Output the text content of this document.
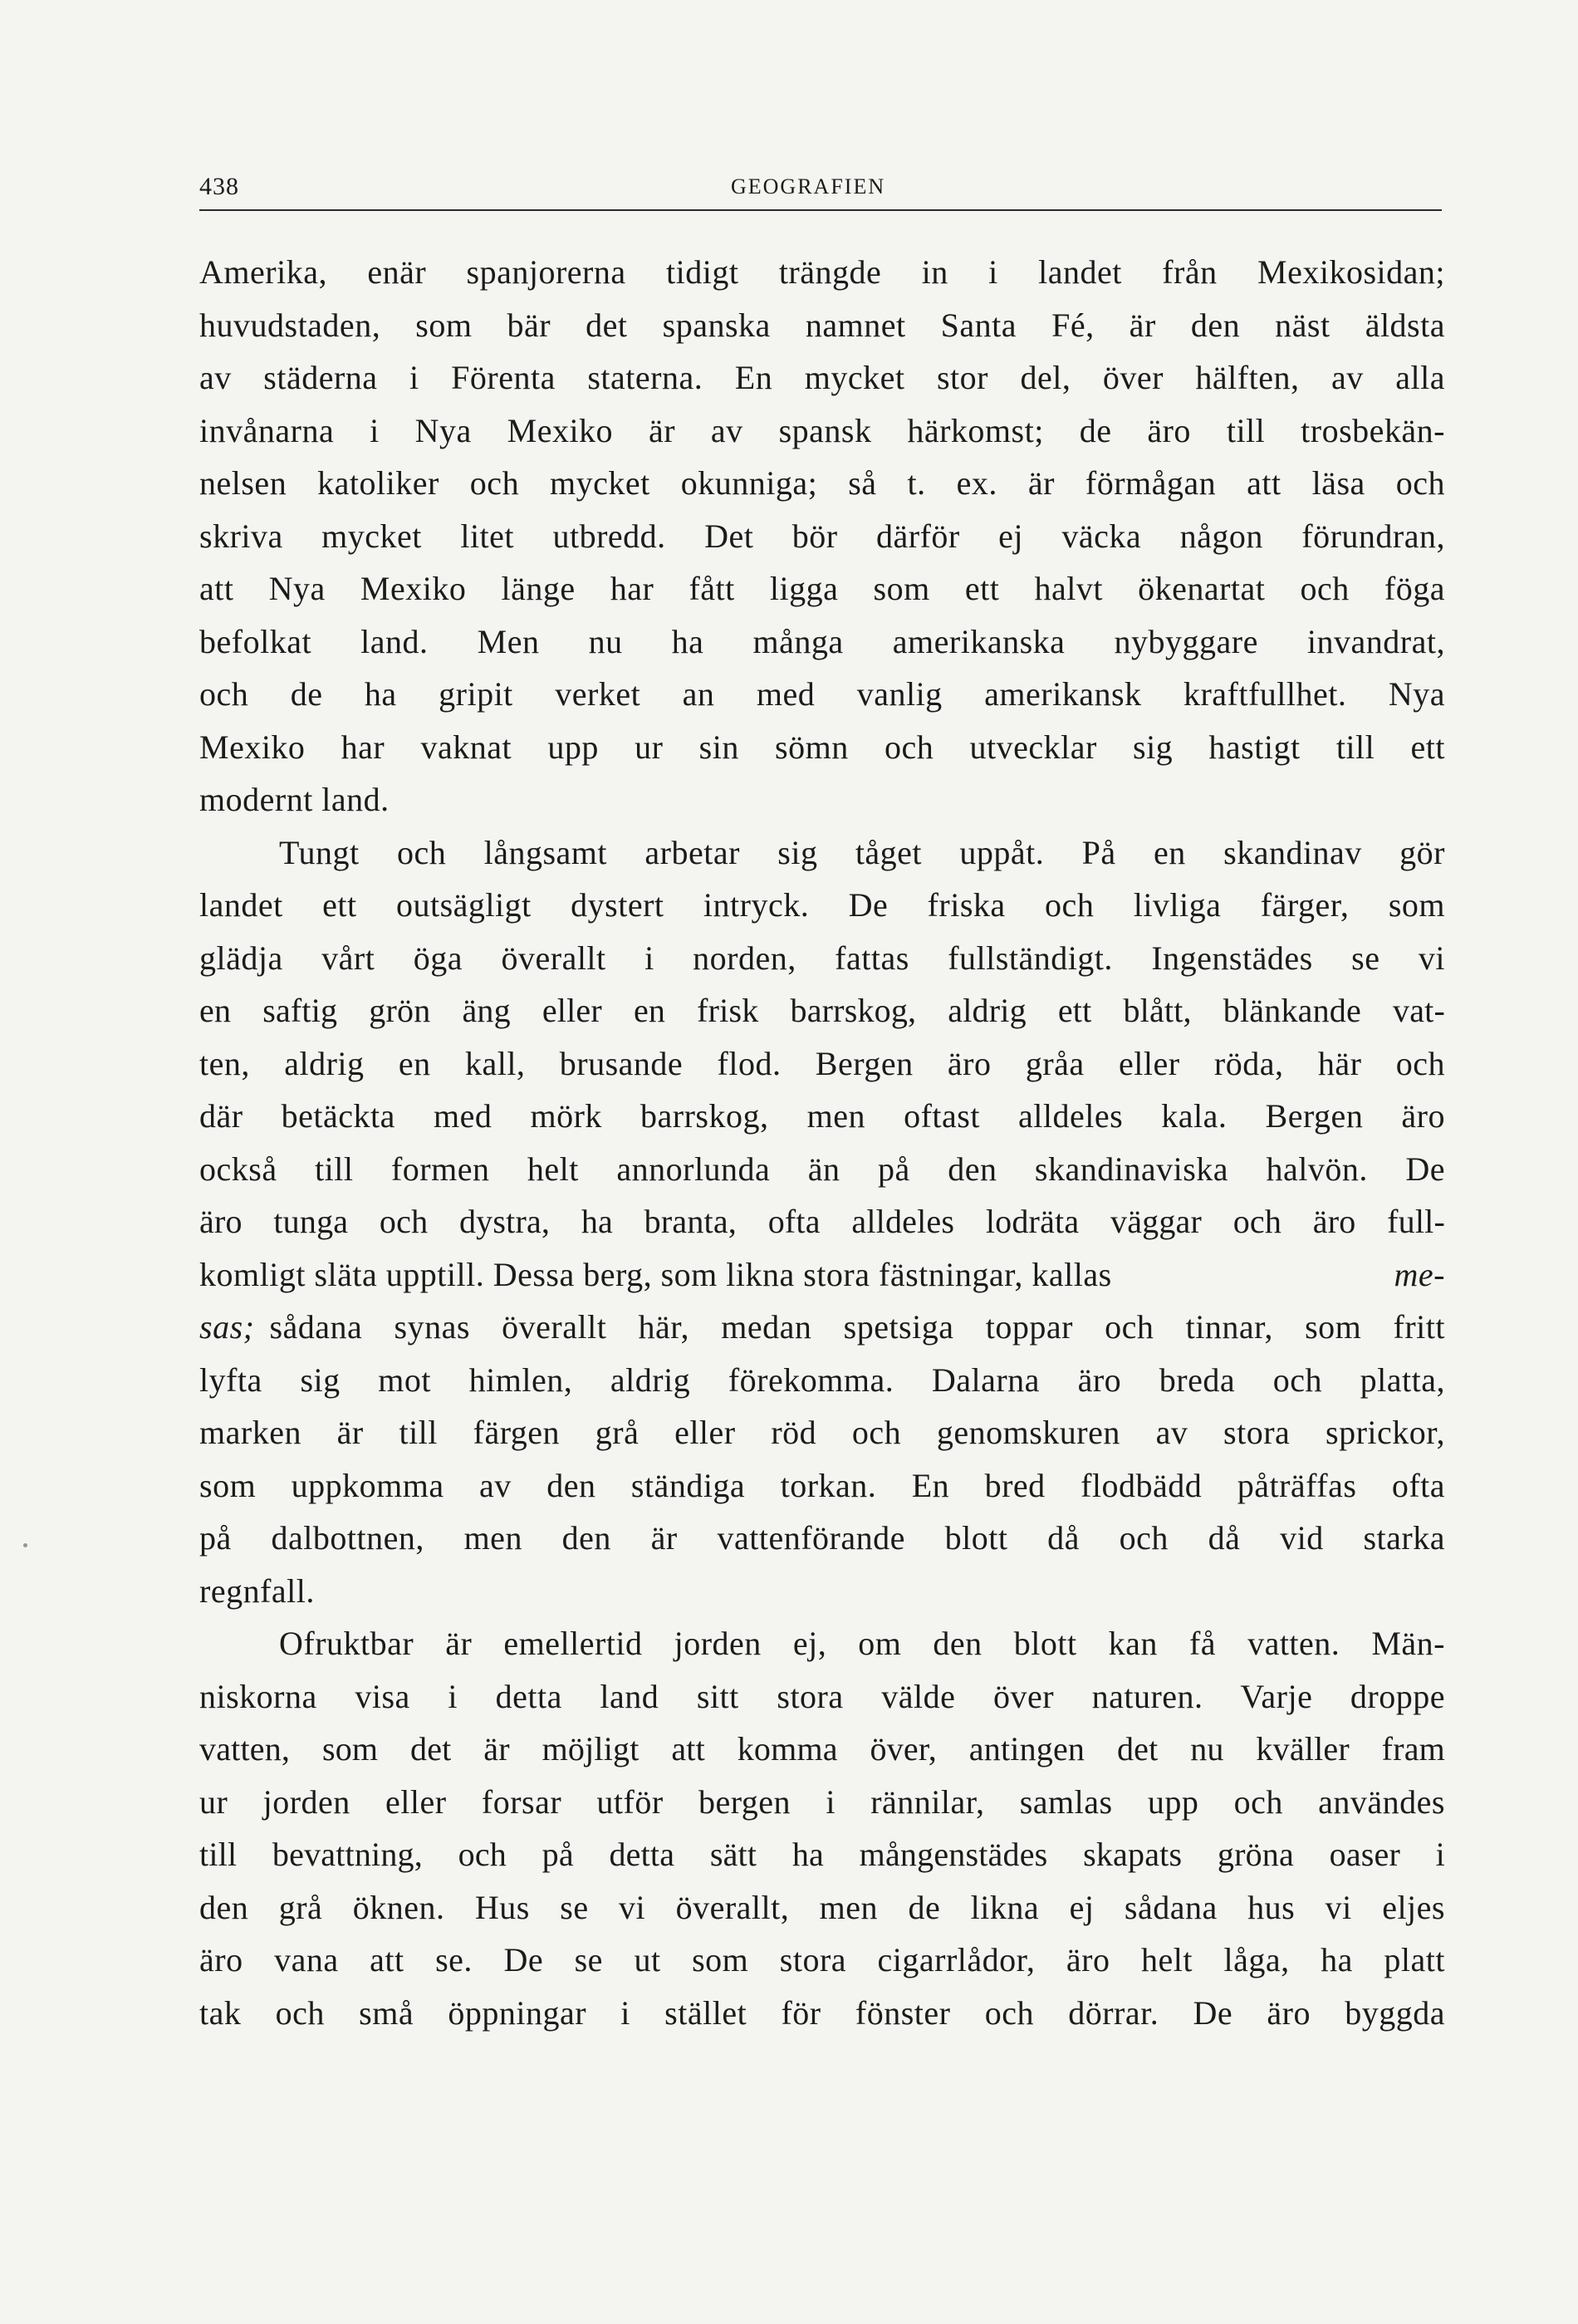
438	GEOGRAFIEN
Amerika, enär spanjorerna tidigt trängde in i landet från Mexikosidan;
huvudstaden, som bär det spanska namnet Santa Fé, är den näst äldsta
av städerna i Förenta staterna. En mycket stor del, över hälften, av alla
invånarna i Nya Mexiko är av spansk härkomst; de äro till trosbekän-
nelsen katoliker och mycket okunniga; så t. ex. är förmågan att läsa och
skriva mycket litet utbredd. Det bör därför ej väcka någon förundran,
att Nya Mexiko länge har fått ligga som ett halvt ökenartat och föga
befolkat land. Men nu ha många amerikanska nybyggare invandrat,
och de ha gripit verket an med vanlig amerikansk kraftfullhet. Nya
Mexiko har vaknat upp ur sin sömn och utvecklar sig hastigt till ett
modernt land.
Tungt och långsamt arbetar sig tåget uppåt. På en skandinav gör
landet ett outsägligt dystert intryck. De friska och livliga färger, som
glädja vårt öga överallt i norden, fattas fullständigt. Ingenstädes se vi
en saftig grön äng eller en frisk barrskog, aldrig ett blått, blänkande vat-
ten, aldrig en kall, brusande flod. Bergen äro gråa eller röda, här och
där betäckta med mörk barrskog, men oftast alldeles kala. Bergen äro
också till formen helt annorlunda än på den skandinaviska halvön. De
äro tunga och dystra, ha branta, ofta alldeles lodräta väggar och äro full-
komligt släta upptill. Dessa berg, som likna stora fästningar, kallas	me-
sas; sådana synas överallt här, medan spetsiga toppar och tinnar, som fritt
lyfta sig mot himlen, aldrig förekomma. Dalarna äro breda och platta,
marken är till färgen grå eller röd och genomskuren av stora sprickor,
som uppkomma av den ständiga torkan. En bred flodbädd påträffas ofta
på dalbottnen, men den är vattenförande blott då och då vid starka
regnfall.
Ofruktbar är emellertid jorden ej, om den blott kan få vatten. Män-
niskorna visa i detta land sitt stora välde över naturen. Varje droppe
vatten, som det är möjligt att komma över, antingen det nu kväller fram
ur jorden eller forsar utför bergen i rännilar, samlas upp och användes
till bevattning, och på detta sätt ha mångenstädes skapats gröna oaser i
den grå öknen. Hus se vi överallt, men de likna ej sådana hus vi eljes
äro vana att se. De se ut som stora cigarrlådor, äro helt låga, ha platt
tak och små öppningar i stället för fönster och dörrar. De äro byggda
